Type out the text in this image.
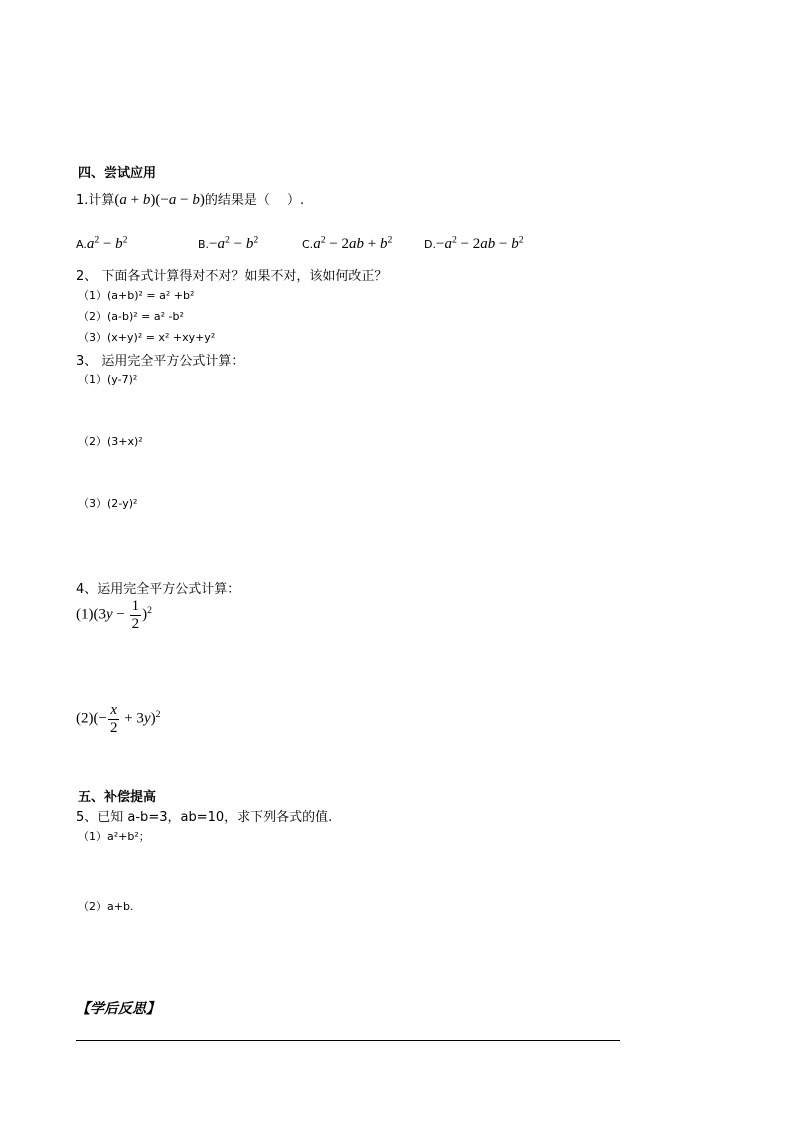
四、尝试应用
1.计算(a + b)(−a − b)的结果是（　 ）.
$A.a^2 - b^2$	$B.-a^2 - b^2$	$C.a^2 - 2ab + b^2$	$D.-a^2 - 2ab - b^2$
2、 下面各式计算得对不对？如果不对，该如何改正？
（1）(a+b)² = a² +b²
（2）(a-b)² = a² -b²
（3）(x+y)² = x² +xy+y²
3、 运用完全平方公式计算：
（1）(y-7)²
（2）(3+x)²
（3）(2-y)²
4、运用完全平方公式计算：
$(1)(3y - \frac{1}{2} )^2$
$(2)(- \frac{x}{2} + 3y)^2$
五、补偿提高
5、已知 a-b=3，ab=10，求下列各式的值.
（1）a²+b²；
（2）a+b.
【学后反思】
